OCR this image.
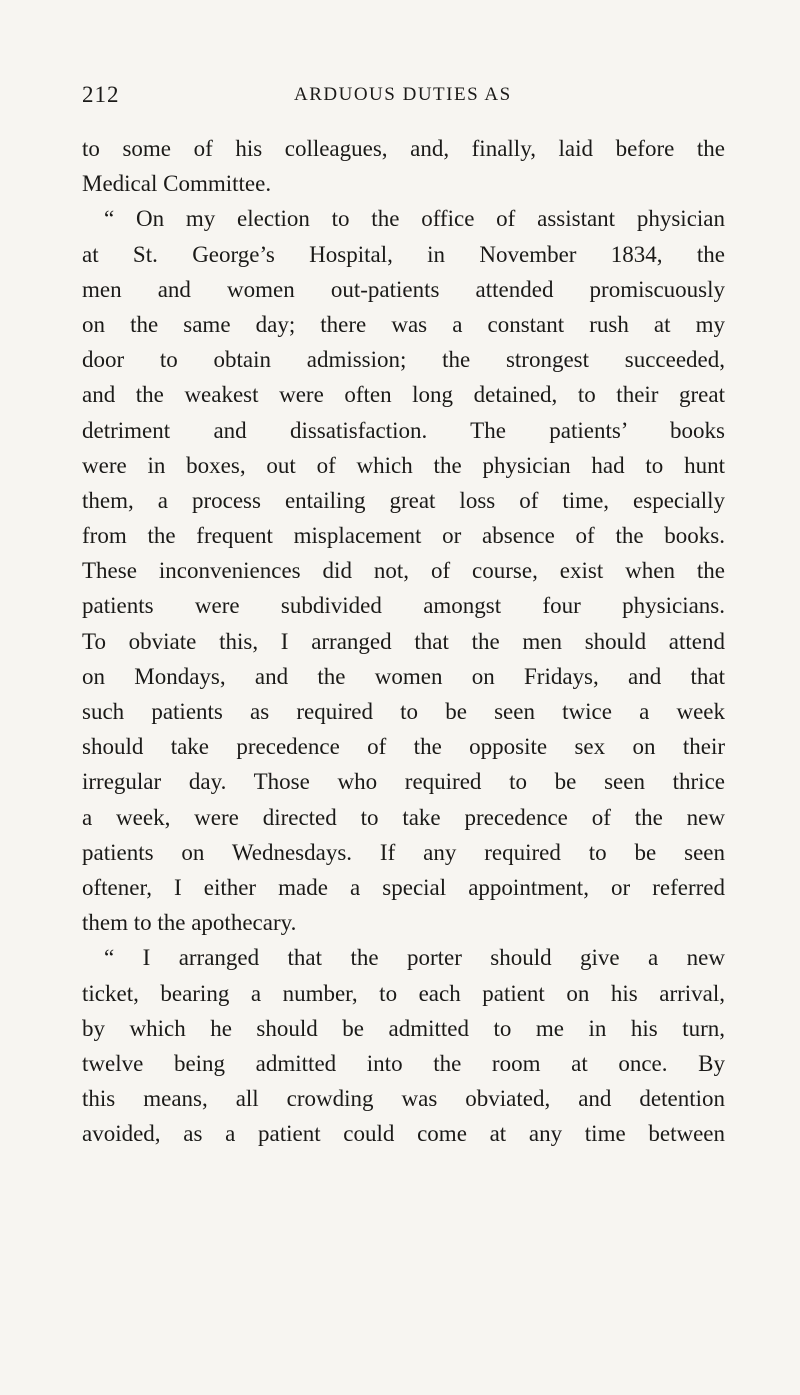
212	ARDUOUS DUTIES AS
to some of his colleagues, and, finally, laid before the
Medical Committee.
“ On my election to the office of assistant physician
at St. George’s Hospital, in November 1834, the
men and women out-patients attended promiscuously
on the same day; there was a constant rush at my
door to obtain admission; the strongest succeeded,
and the weakest were often long detained, to their great
detriment and dissatisfaction. The patients’ books
were in boxes, out of which the physician had to hunt
them, a process entailing great loss of time, especially
from the frequent misplacement or absence of the books.
These inconveniences did not, of course, exist when the
patients were subdivided amongst four physicians.
To obviate this, I arranged that the men should attend
on Mondays, and the women on Fridays, and that
such patients as required to be seen twice a week
should take precedence of the opposite sex on their
irregular day. Those who required to be seen thrice
a week, were directed to take precedence of the new
patients on Wednesdays. If any required to be seen
oftener, I either made a special appointment, or referred
them to the apothecary.
“ I arranged that the porter should give a new
ticket, bearing a number, to each patient on his arrival,
by which he should be admitted to me in his turn,
twelve being admitted into the room at once. By
this means, all crowding was obviated, and detention
avoided, as a patient could come at any time between
